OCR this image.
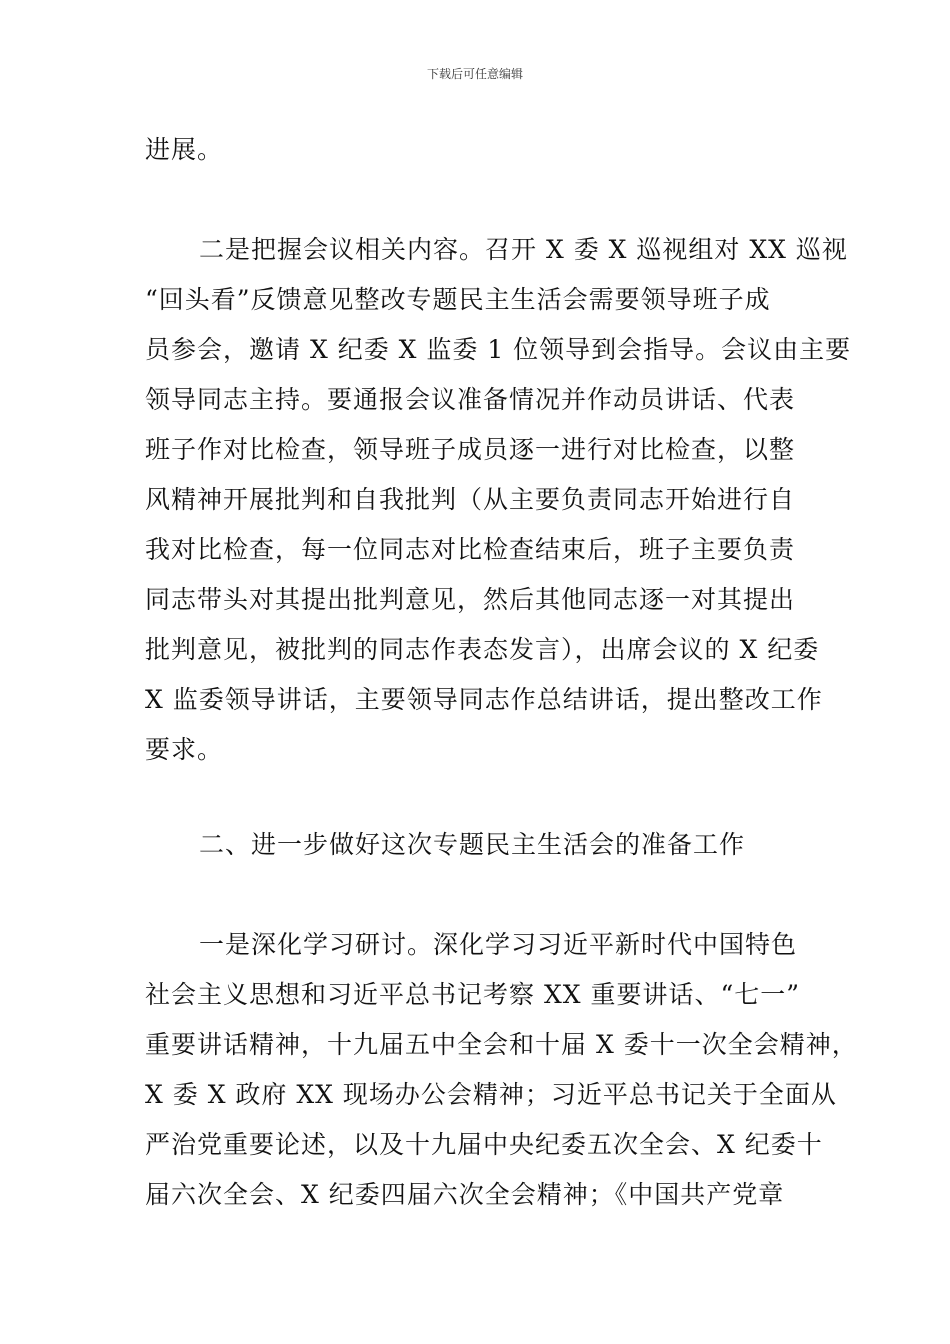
下载后可任意编辑
进展。
二是把握会议相关内容。召开 X 委 X 巡视组对 XX 巡视
“回头看”反馈意见整改专题民主生活会需要领导班子成
员参会，邀请 X 纪委 X 监委 1 位领导到会指导。会议由主要
领导同志主持。要通报会议准备情况并作动员讲话、代表
班子作对比检查，领导班子成员逐一进行对比检查，以整
风精神开展批判和自我批判（从主要负责同志开始进行自
我对比检查，每一位同志对比检查结束后，班子主要负责
同志带头对其提出批判意见，然后其他同志逐一对其提出
批判意见，被批判的同志作表态发言），出席会议的 X 纪委
X 监委领导讲话，主要领导同志作总结讲话，提出整改工作
要求。
二、进一步做好这次专题民主生活会的准备工作
一是深化学习研讨。深化学习习近平新时代中国特色
社会主义思想和习近平总书记考察 XX 重要讲话、“七一”
重要讲话精神，十九届五中全会和十届 X 委十一次全会精神，
X 委 X 政府 XX 现场办公会精神；习近平总书记关于全面从
严治党重要论述，以及十九届中央纪委五次全会、X 纪委十
届六次全会、X 纪委四届六次全会精神；《中国共产党章
